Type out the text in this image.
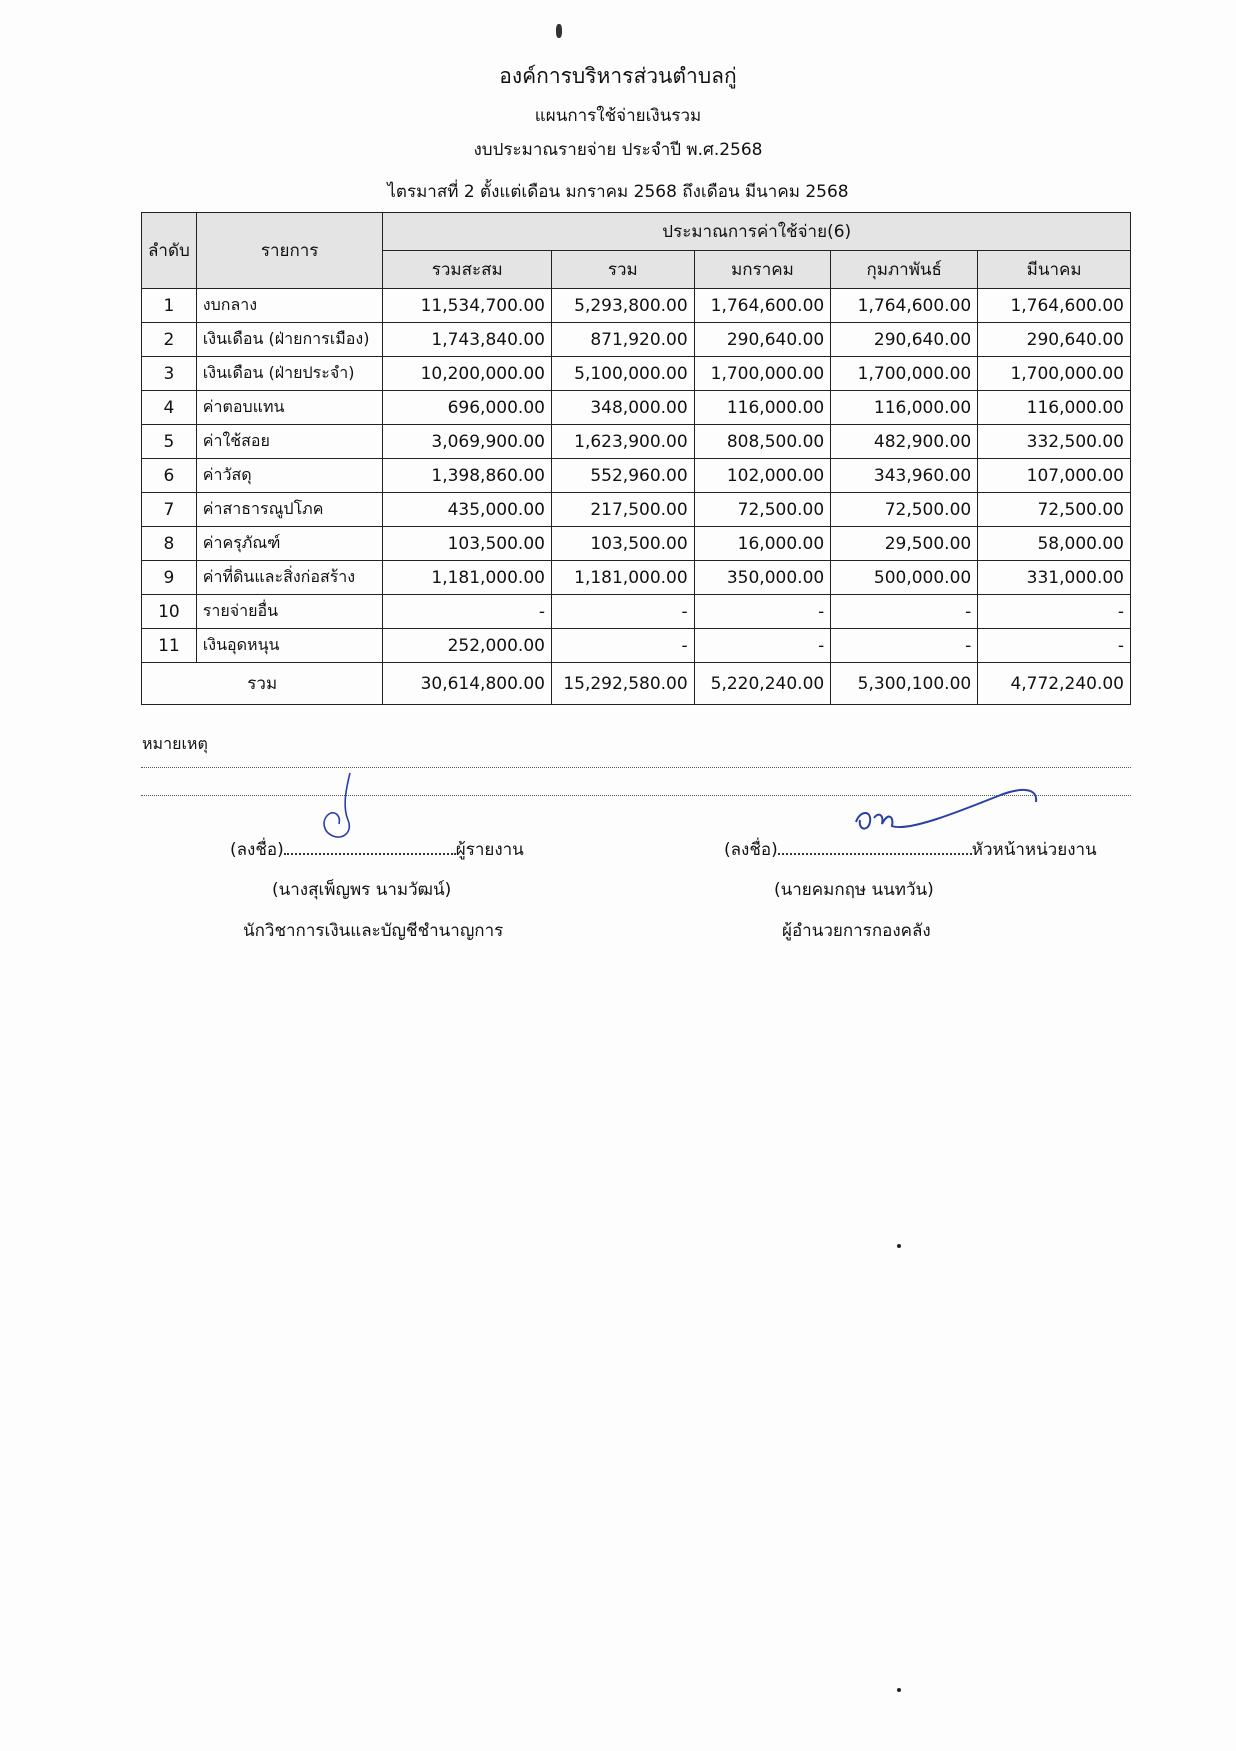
องค์การบริหารส่วนตำบลกู่
แผนการใช้จ่ายเงินรวม
งบประมาณรายจ่าย ประจำปี พ.ศ.2568
ไตรมาสที่ 2 ตั้งแต่เดือน มกราคม 2568 ถึงเดือน มีนาคม 2568
ลำดับ	รายการ	ประมาณการค่าใช้จ่าย(6)				
		รวมสะสม	รวม	มกราคม	กุมภาพันธ์	มีนาคม
1	งบกลาง	11,534,700.00	5,293,800.00	1,764,600.00	1,764,600.00	1,764,600.00
2	เงินเดือน (ฝ่ายการเมือง)	1,743,840.00	871,920.00	290,640.00	290,640.00	290,640.00
3	เงินเดือน (ฝ่ายประจำ)	10,200,000.00	5,100,000.00	1,700,000.00	1,700,000.00	1,700,000.00
4	ค่าตอบแทน	696,000.00	348,000.00	116,000.00	116,000.00	116,000.00
5	ค่าใช้สอย	3,069,900.00	1,623,900.00	808,500.00	482,900.00	332,500.00
6	ค่าวัสดุ	1,398,860.00	552,960.00	102,000.00	343,960.00	107,000.00
7	ค่าสาธารณูปโภค	435,000.00	217,500.00	72,500.00	72,500.00	72,500.00
8	ค่าครุภัณฑ์	103,500.00	103,500.00	16,000.00	29,500.00	58,000.00
9	ค่าที่ดินและสิ่งก่อสร้าง	1,181,000.00	1,181,000.00	350,000.00	500,000.00	331,000.00
10	รายจ่ายอื่น	-	-	-	-	-
11	เงินอุดหนุน	252,000.00	-	-	-	-
รวม		30,614,800.00	15,292,580.00	5,220,240.00	5,300,100.00	4,772,240.00
หมายเหตุ
(ลงชื่อ)	ผู้รายงาน
(นางสุเพ็ญพร นามวัฒน์)
นักวิชาการเงินและบัญชีชำนาญการ
(ลงชื่อ)	หัวหน้าหน่วยงาน
(นายคมกฤษ นนทวัน)
ผู้อำนวยการกองคลัง
